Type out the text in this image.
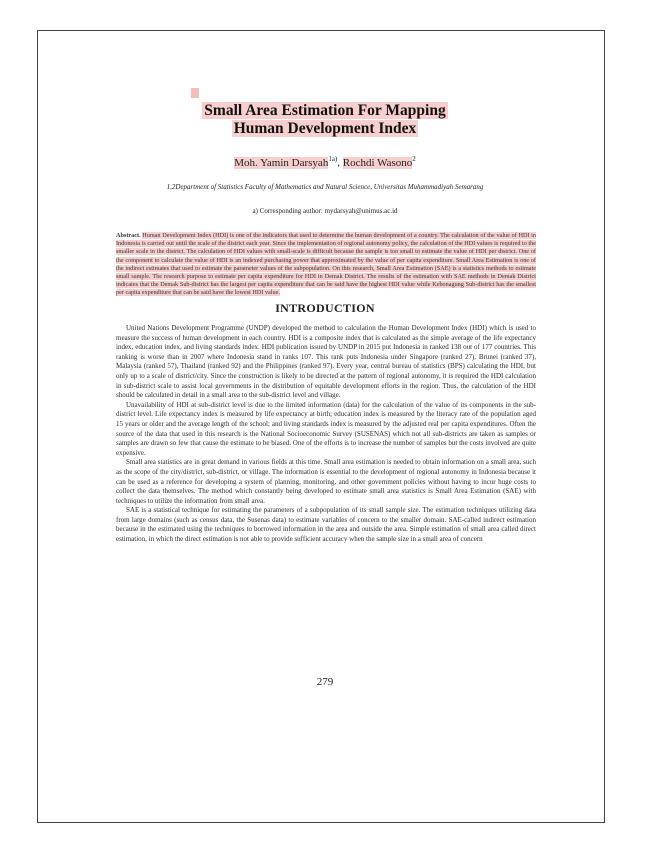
Small Area Estimation For Mapping
Human Development Index
Moh. Yamin Darsyah$^{1a)}$, Rochdi Wasono$^2$
1,2Department of Statistics Faculty of Mathematics and Natural Science, Universitas Muhammadiyah Semarang
a) Corresponding author: mydarsyah@unimus.ac.id
Abstract. Human Development Index (HDI) is one of the indicators that used to determine the human development of a country. The calculation of the value of HDI in Indonesia is carried out until the scale of the district each year. Since the implementation of regional autonomy policy, the calculation of the HDI values is required to the smaller scale in the district. The calculation of HDI values with small-scale is difficult because the sample is too small to estimate the value of HDI per district. One of the component to calculate the value of HDI is an indexed purchasing power that approximated by the value of per capita expenditure. Small Area Estimation is one of the indirect estimates that used to estimate the parameter values of the subpopulation. On this research, Small Area Estimation (SAE) is a statistics methods to estimate small sample. The research purpose to estimate per capita expenditure for HDI in Demak District. The results of the estimation with SAE methods in Demak District indicates that the Demak Sub-district has the largest per capita expenditure that can be said have the highest HDI value while Kebonagung Sub-district has the smallest per capita expenditure that can be said have the lowest HDI value.
INTRODUCTION

United Nations Development Programme (UNDP) developed the method to calculation the Human Development Index (HDI) which is used to measure the success of human development in each country. HDI is a composite index that is calculated as the simple average of the life expectancy index, education index, and living standards index. HDI publication issued by UNDP in 2015 put Indonesia in ranked 138 out of 177 countries. This ranking is worse than in 2007 where Indonesia stand in ranks 107. This rank puts Indonesia under Singapore (ranked 27), Brunei (ranked 37), Malaysia (ranked 57), Thailand (ranked 92) and the Philippines (ranked 97). Every year, central bureau of statistics (BPS) calculating the HDI, but only up to a scale of district/city. Since the construction is likely to be directed at the pattern of regional autonomy, it is required the HDI calculation in sub-district scale to assist local governments in the distribution of equitable development efforts in the region. Thus, the calculation of the HDI should be calculated in detail in a small area to the sub-district level and village.

Unavailability of HDI at sub-district level is due to the limited information (data) for the calculation of the value of its components in the sub-district level. Life expectancy index is measured by life expectancy at birth; education index is measured by the literacy rate of the population aged 15 years or older and the average length of the school; and living standards index is measured by the adjusted real per capita expenditures. Often the source of the data that used in this research is the National Socioeconomic Survey (SUSENAS) which not all sub-districts are taken as samples or samples are drawn so few that cause the estimate to be biased. One of the efforts is to increase the number of samples but the costs involved are quite expensive.

Small area statistics are in great demand in various fields at this time. Small area estimation is needed to obtain information on a small area, such as the scope of the city/district, sub-district, or village. The information is essential to the development of regional autonomy in Indonesia because it can be used as a reference for developing a system of planning, monitoring, and other government policies without having to incur huge costs to collect the data themselves. The method which constantly being developed to estimate small area statistics is Small Area Estimation (SAE) with techniques to utilize the information from small area.

SAE is a statistical technique for estimating the parameters of a subpopulation of its small sample size. The estimation techniques utilizing data from large domains (such as census data, the Susenas data) to estimate variables of concern to the smaller domain. SAE-called indirect estimation because in the estimated using the techniques to borrowed information in the area and outside the area. Simple estimation of small area called direct estimation, in which the direct estimation is not able to provide sufficient accuracy when the sample size in a small area of concern

279
